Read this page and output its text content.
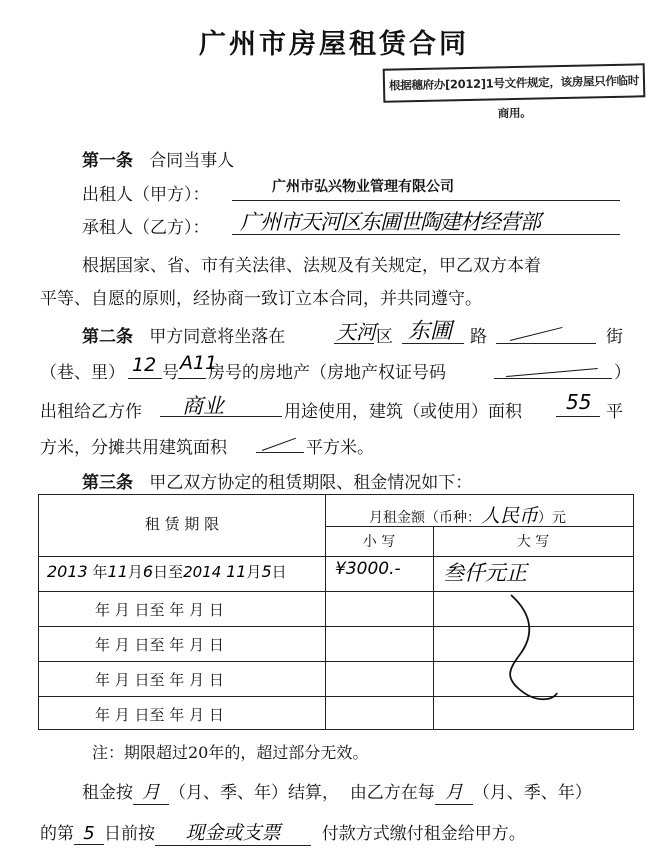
广州市房屋租赁合同
根据穗府办[2012]1号文件规定，该房屋只作临时商用。
第一条 合同当事人
出租人（甲方）：	广州市弘兴物业管理有限公司
承租人（乙方）： 广州市天河区东圃世陶建材经营部
根据国家、省、市有关法律、法规及有关规定，甲乙双方本着
平等、自愿的原则，经协商一致订立本合同，并共同遵守。
第二条 甲方同意将坐落在	天河 区 东圃 路	街
（巷、里） 12 号 A11
房号的房地产（房地产权证号码	）
出租给乙方作 商业	用途使用，建筑（或使用）面积 55 平
方米，分摊共用建筑面积	平方米。
第三条 甲乙双方协定的租赁期限、租金情况如下：
租 赁 期 限	月租金额（币种：人民币）元
小 写	大 写
2013 年11月6日至2014 11月5日	¥3000.- 叁仟元正
年 月 日至 年 月 日
年 月 日至 年 月 日
年 月 日至 年 月 日
年 月 日至 年 月 日
注：期限超过20年的，超过部分无效。
租金按 月 （月、季、年）结算， 由乙方在每 月 （月、季、年）
的第 5 日前按 现金或支票 付款方式缴付租金给甲方。
